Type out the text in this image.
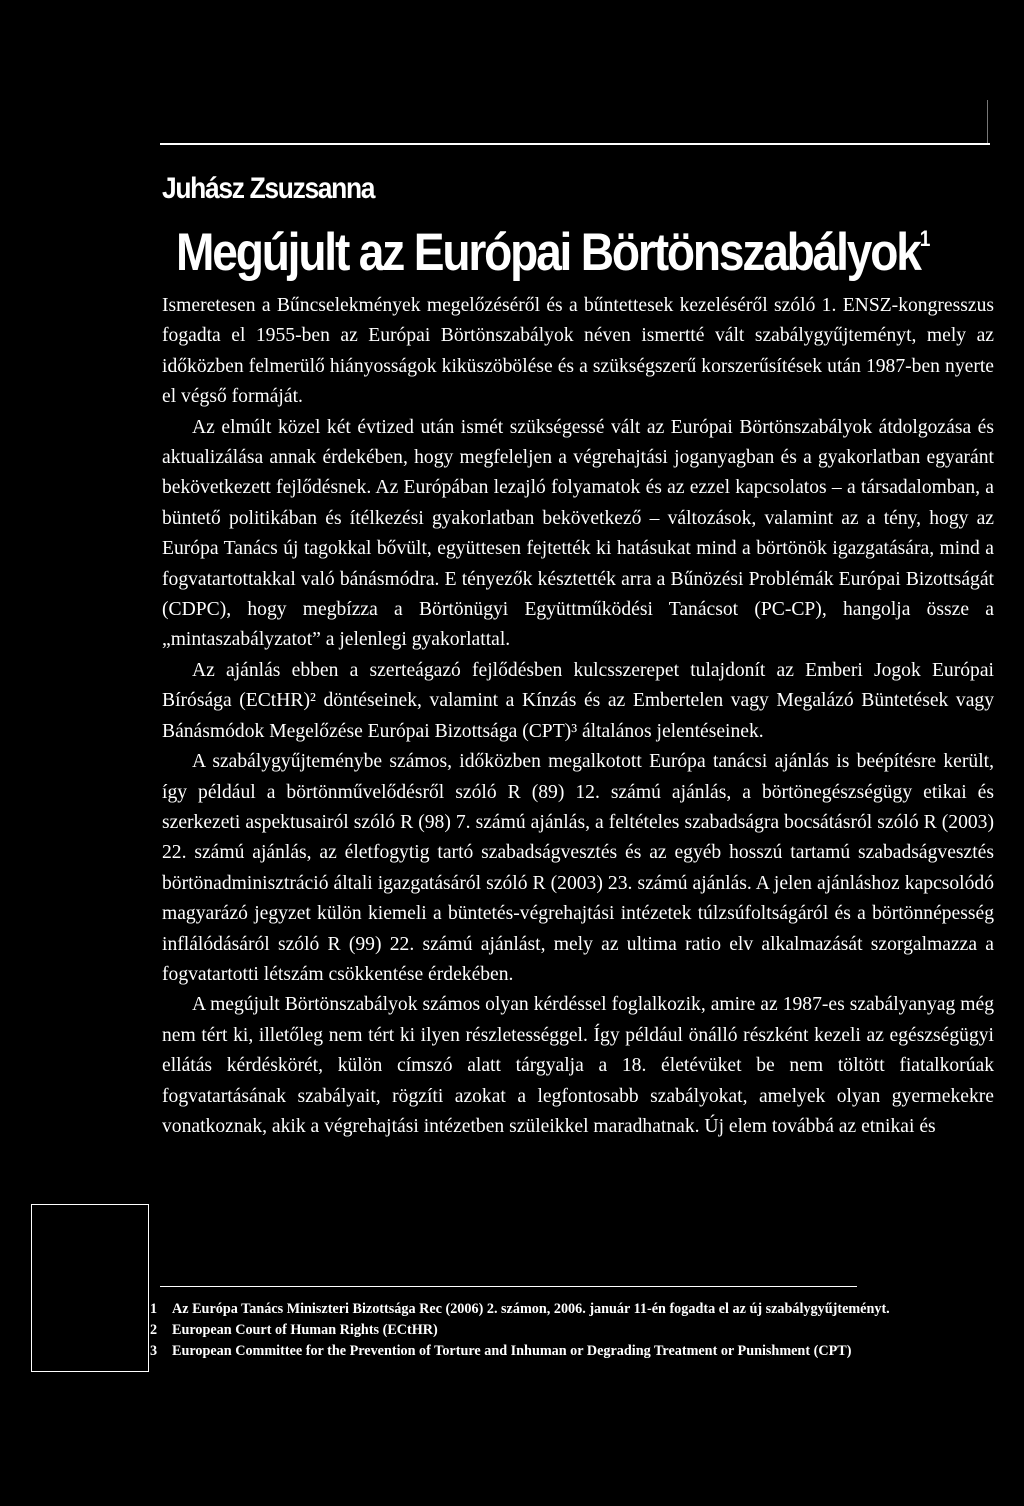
Juhász Zsuzsanna
Megújult az Európai Börtönszabályok$^1$

Ismeretesen a Bűncselekmények megelőzéséről és a bűntettesek kezeléséről szóló 1. ENSZ-kongresszus fogadta el 1955-ben az Európai Börtönszabályok néven ismertté vált szabálygyűjteményt, mely az időközben felmerülő hiányosságok kiküszöbölése és a szükségszerű korszerűsítések után 1987-ben nyerte el végső formáját.

Az elmúlt közel két évtized után ismét szükségessé vált az Európai Börtönszabályok átdolgozása és aktualizálása annak érdekében, hogy megfeleljen a végrehajtási joganyagban és a gyakorlatban egyaránt bekövetkezett fejlődésnek. Az Európában lezajló folyamatok és az ezzel kapcsolatos – a társadalomban, a büntető politikában és ítélkezési gyakorlatban bekövetkező – változások, valamint az a tény, hogy az Európa Tanács új tagokkal bővült, együttesen fejtették ki hatásukat mind a börtönök igazgatására, mind a fogvatartottakkal való bánásmódra. E tényezők késztették arra a Bűnözési Problémák Európai Bizottságát (CDPC), hogy megbízza a Börtönügyi Együttműködési Tanácsot (PC-CP), hangolja össze a „mintaszabályzatot” a jelenlegi gyakorlattal.

Az ajánlás ebben a szerteágazó fejlődésben kulcsszerepet tulajdonít az Emberi Jogok Európai Bírósága (ECtHR)² döntéseinek, valamint a Kínzás és az Embertelen vagy Megalázó Büntetések vagy Bánásmódok Megelőzése Európai Bizottsága (CPT)³ általános jelentéseinek.

A szabálygyűjteménybe számos, időközben megalkotott Európa tanácsi ajánlás is beépítésre került, így például a börtönművelődésről szóló R (89) 12. számú ajánlás, a börtönegészségügy etikai és szerkezeti aspektusairól szóló R (98) 7. számú ajánlás, a feltételes szabadságra bocsátásról szóló R (2003) 22. számú ajánlás, az életfogytig tartó szabadságvesztés és az egyéb hosszú tartamú szabadságvesztés börtönadminisztráció általi igazgatásáról szóló R (2003) 23. számú ajánlás. A jelen ajánláshoz kapcsolódó magyarázó jegyzet külön kiemeli a büntetés-végrehajtási intézetek túlzsúfoltságáról és a börtönnépesség inflálódásáról szóló R (99) 22. számú ajánlást, mely az ultima ratio elv alkalmazását szorgalmazza a fogvatartotti létszám csökkentése érdekében.

A megújult Börtönszabályok számos olyan kérdéssel foglalkozik, amire az 1987-es szabályanyag még nem tért ki, illetőleg nem tért ki ilyen részletességgel. Így például önálló részként kezeli az egészségügyi ellátás kérdéskörét, külön címszó alatt tárgyalja a 18. életévüket be nem töltött fiatalkorúak fogvatartásának szabályait, rögzíti azokat a legfontosabb szabályokat, amelyek olyan gyermekekre vonatkoznak, akik a végrehajtási intézetben szüleikkel maradhatnak. Új elem továbbá az etnikai és

1	Az Európa Tanács Miniszteri Bizottsága Rec (2006) 2. számon, 2006. január 11-én fogadta el az új szabálygyűjteményt.
2	European Court of Human Rights (ECtHR)
3	European Committee for the Prevention of Torture and Inhuman or Degrading Treatment or Punishment (CPT)
